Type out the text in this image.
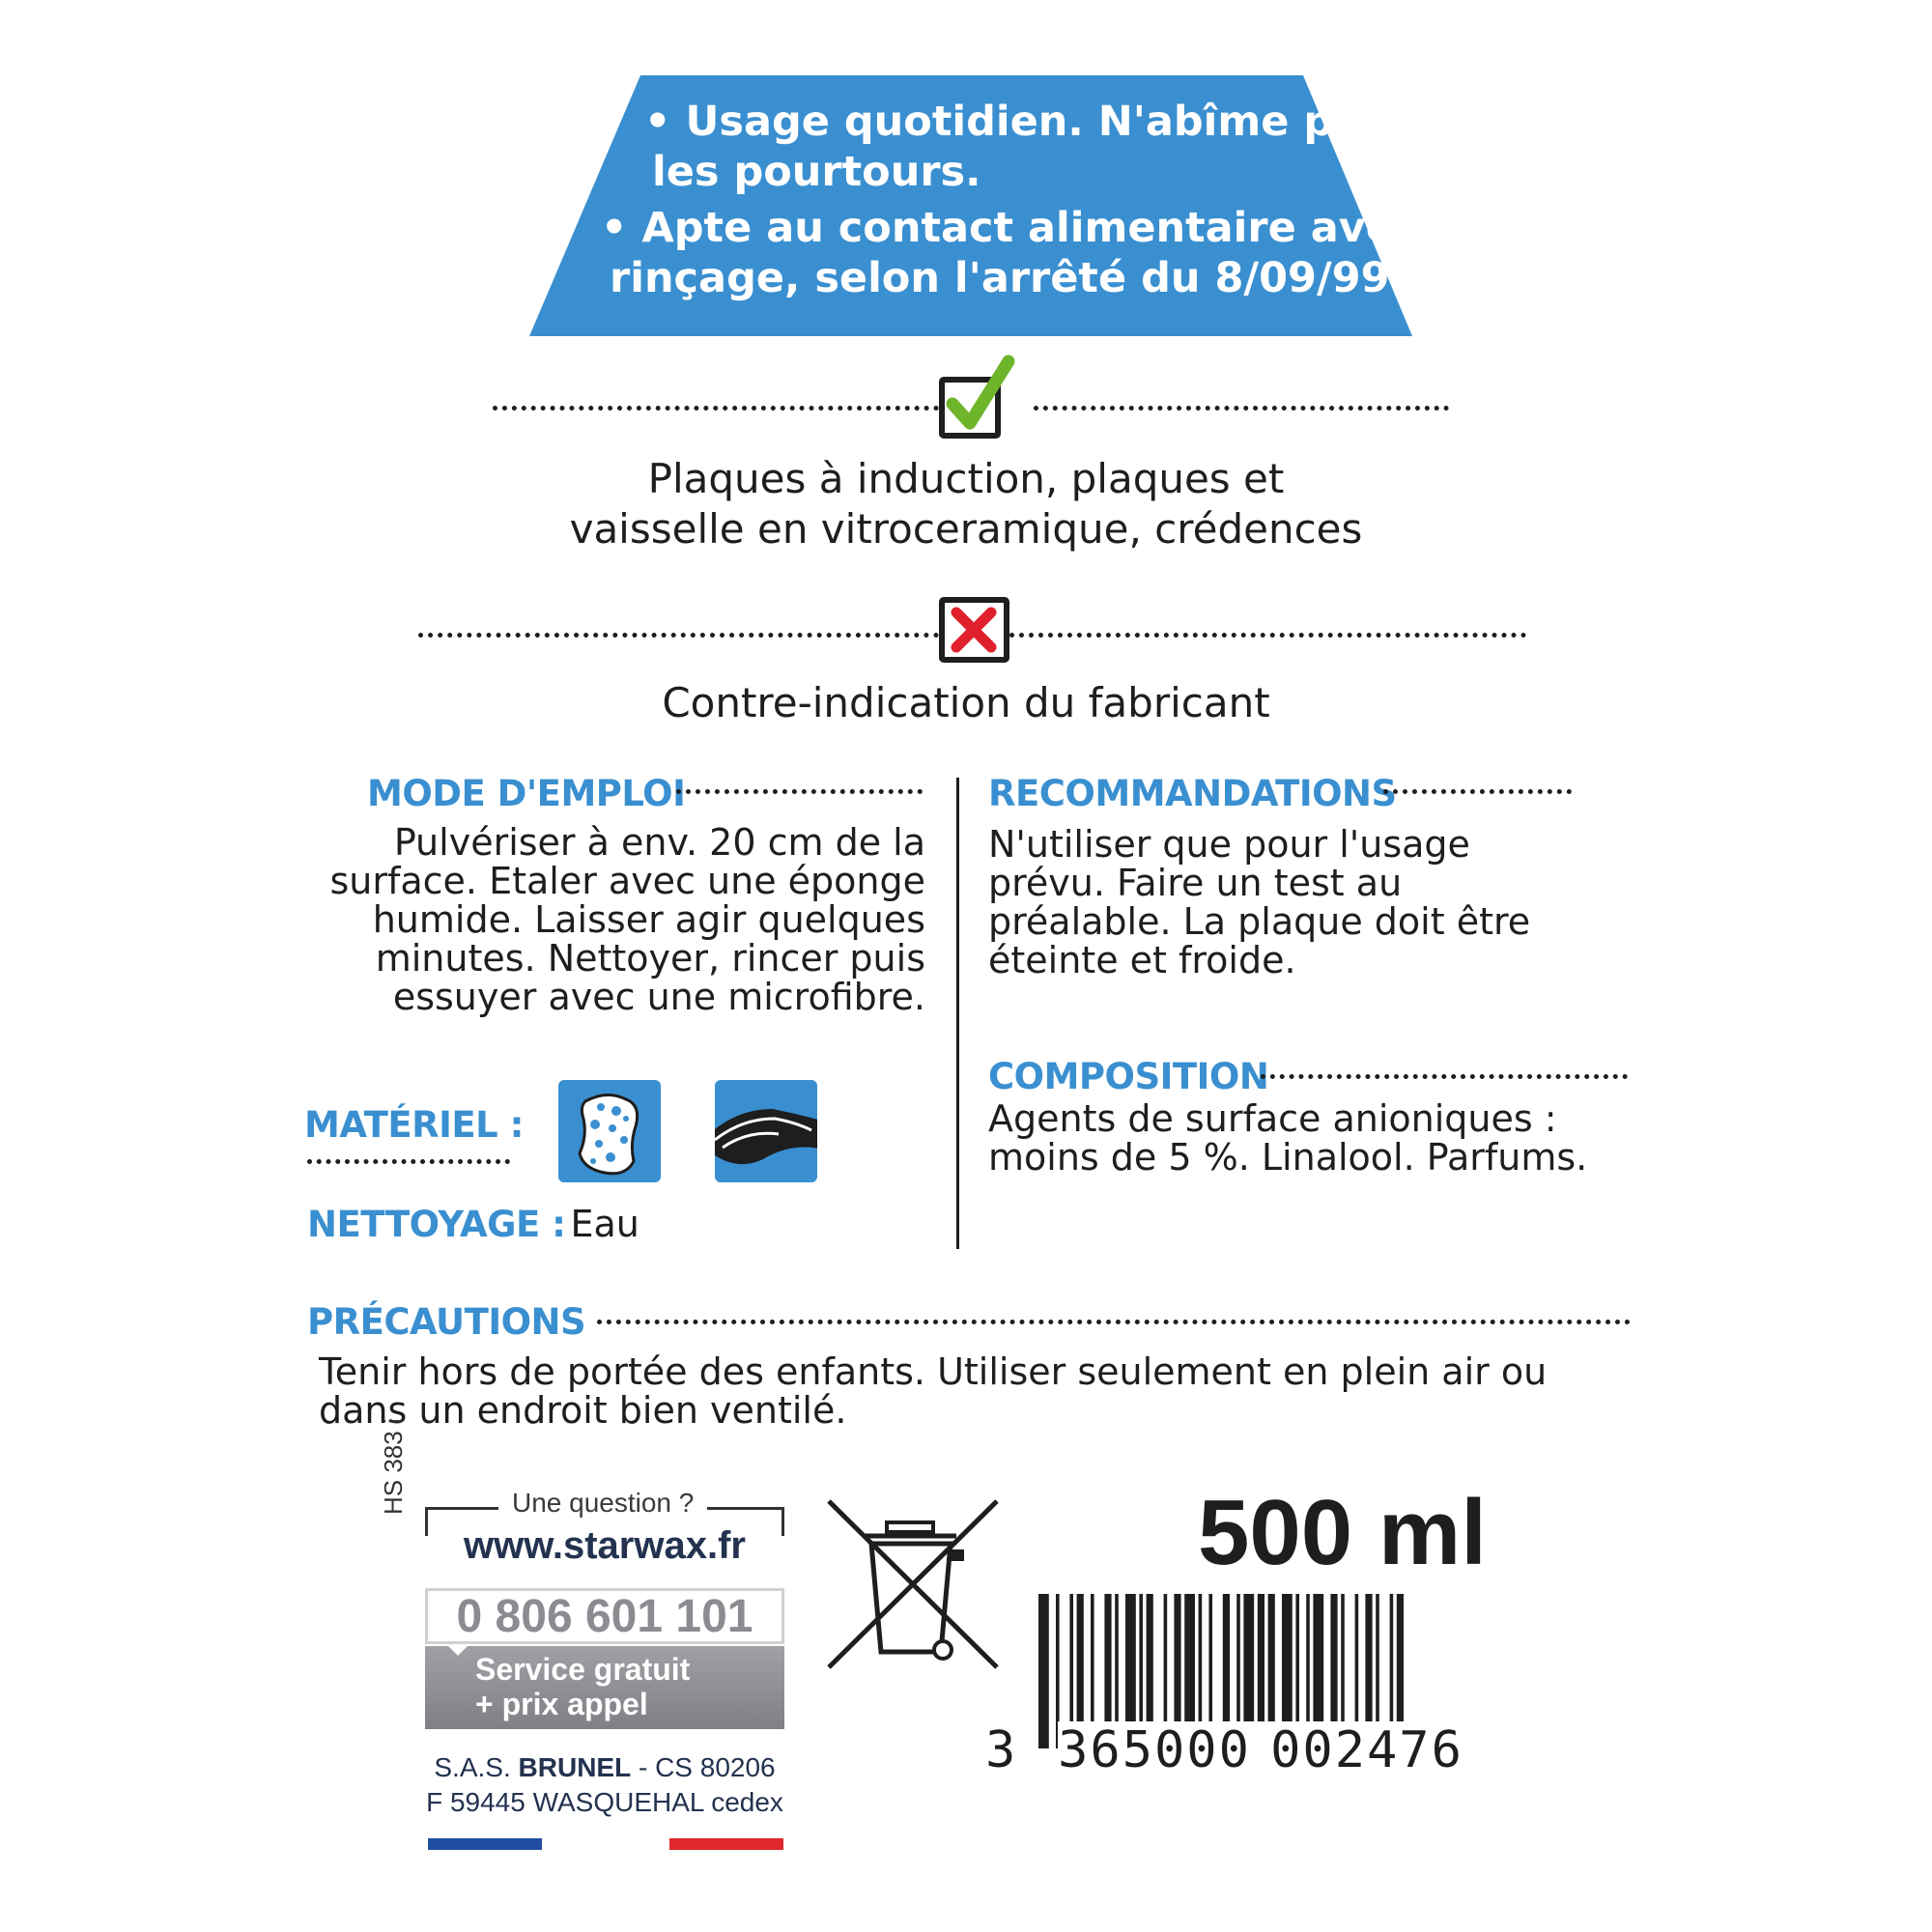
• Usage quotidien. N'abîme pas
les pourtours.
• Apte au contact alimentaire avec
rinçage, selon l'arrêté du 8/09/99.
Plaques à induction, plaques et
vaisselle en vitroceramique, crédences
Contre-indication du fabricant
MODE D'EMPLOI
Pulvériser à env. 20 cm de la
surface. Etaler avec une éponge
humide. Laisser agir quelques
minutes. Nettoyer, rincer puis
essuyer avec une microfibre.
MATÉRIEL :
NETTOYAGE : Eau
RECOMMANDATIONS
N'utiliser que pour l'usage
prévu. Faire un test au
préalable. La plaque doit être
éteinte et froide.
COMPOSITION
Agents de surface anioniques :
moins de 5 %. Linalool. Parfums.
PRÉCAUTIONS
Tenir hors de portée des enfants. Utiliser seulement en plein air ou
dans un endroit bien ventilé.
HS 383 i	Une question ?
www.starwax.fr
0 806 601 101
Service gratuit
+ prix appel
S.A.S. BRUNEL - CS 80206
F 59445 WASQUEHAL cedex
500 ml
3 365000 002476
